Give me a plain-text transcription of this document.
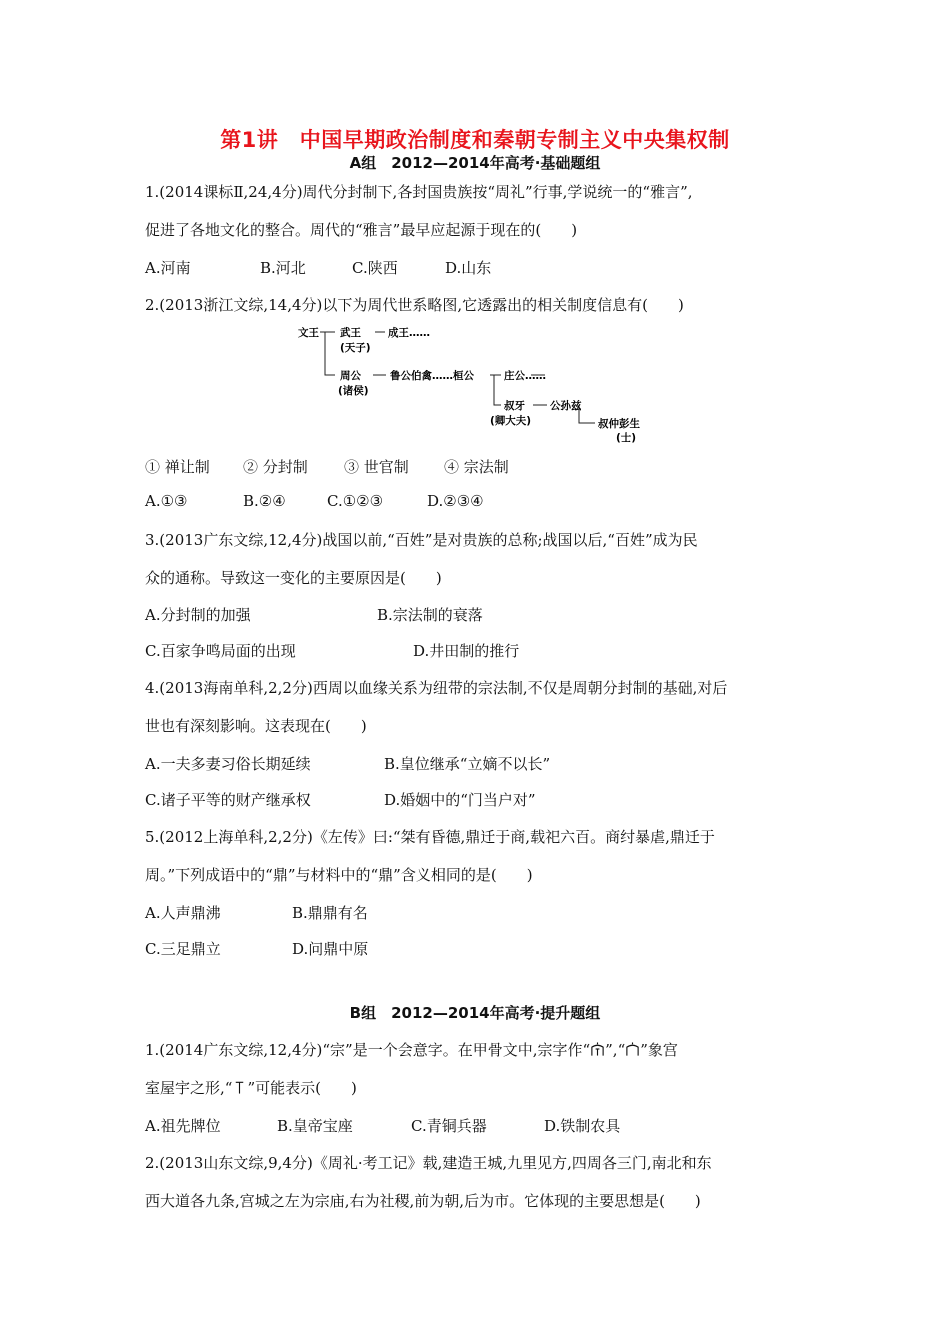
第1讲　中国早期政治制度和秦朝专制主义中央集权制
A组　2012—2014年高考·基础题组
1.(2014课标Ⅱ,24,4分)周代分封制下,各封国贵族按“周礼”行事,学说统一的“雅言”,
促进了各地文化的整合。周代的“雅言”最早应起源于现在的(　　)
A.河南	B.河北	C.陕西	D.山东
2.(2013浙江文综,14,4分)以下为周代世系略图,它透露出的相关制度信息有(　　)
文王 武王
(天子)
成王……
周公
(诸侯)
鲁公伯禽……桓公	庄公……
叔牙
(卿大夫)
公孙兹
叔仲彭生
(士)
① 禅让制 ② 分封制 ③ 世官制 ④ 宗法制
A.①③	B.②④	C.①②③	D.②③④
3.(2013广东文综,12,4分)战国以前,“百姓”是对贵族的总称;战国以后,“百姓”成为民
众的通称。导致这一变化的主要原因是(　　)
A.分封制的加强	B.宗法制的衰落
C.百家争鸣局面的出现	D.井田制的推行
4.(2013海南单科,2,2分)西周以血缘关系为纽带的宗法制,不仅是周朝分封制的基础,对后
世也有深刻影响。这表现在(　　)
A.一夫多妻习俗长期延续	B.皇位继承“立嫡不以长”
C.诸子平等的财产继承权	D.婚姻中的“门当户对”
5.(2012上海单科,2,2分)《左传》曰:“桀有昏德,鼎迁于商,载祀六百。商纣暴虐,鼎迁于
周。”下列成语中的“鼎”与材料中的“鼎”含义相同的是(　　)
A.人声鼎沸	B.鼎鼎有名
C.三足鼎立	D.问鼎中原
B组　2012—2014年高考·提升题组
1.(2014广东文综,12,4分)“宗”是一个会意字。在甲骨文中,宗字作“ ”,“ ”象宫
室屋宇之形,“ ”可能表示(　　)
A.祖先牌位	B.皇帝宝座	C.青铜兵器	D.铁制农具
2.(2013山东文综,9,4分)《周礼·考工记》载,建造王城,九里见方,四周各三门,南北和东
西大道各九条,宫城之左为宗庙,右为社稷,前为朝,后为市。它体现的主要思想是(　　)
